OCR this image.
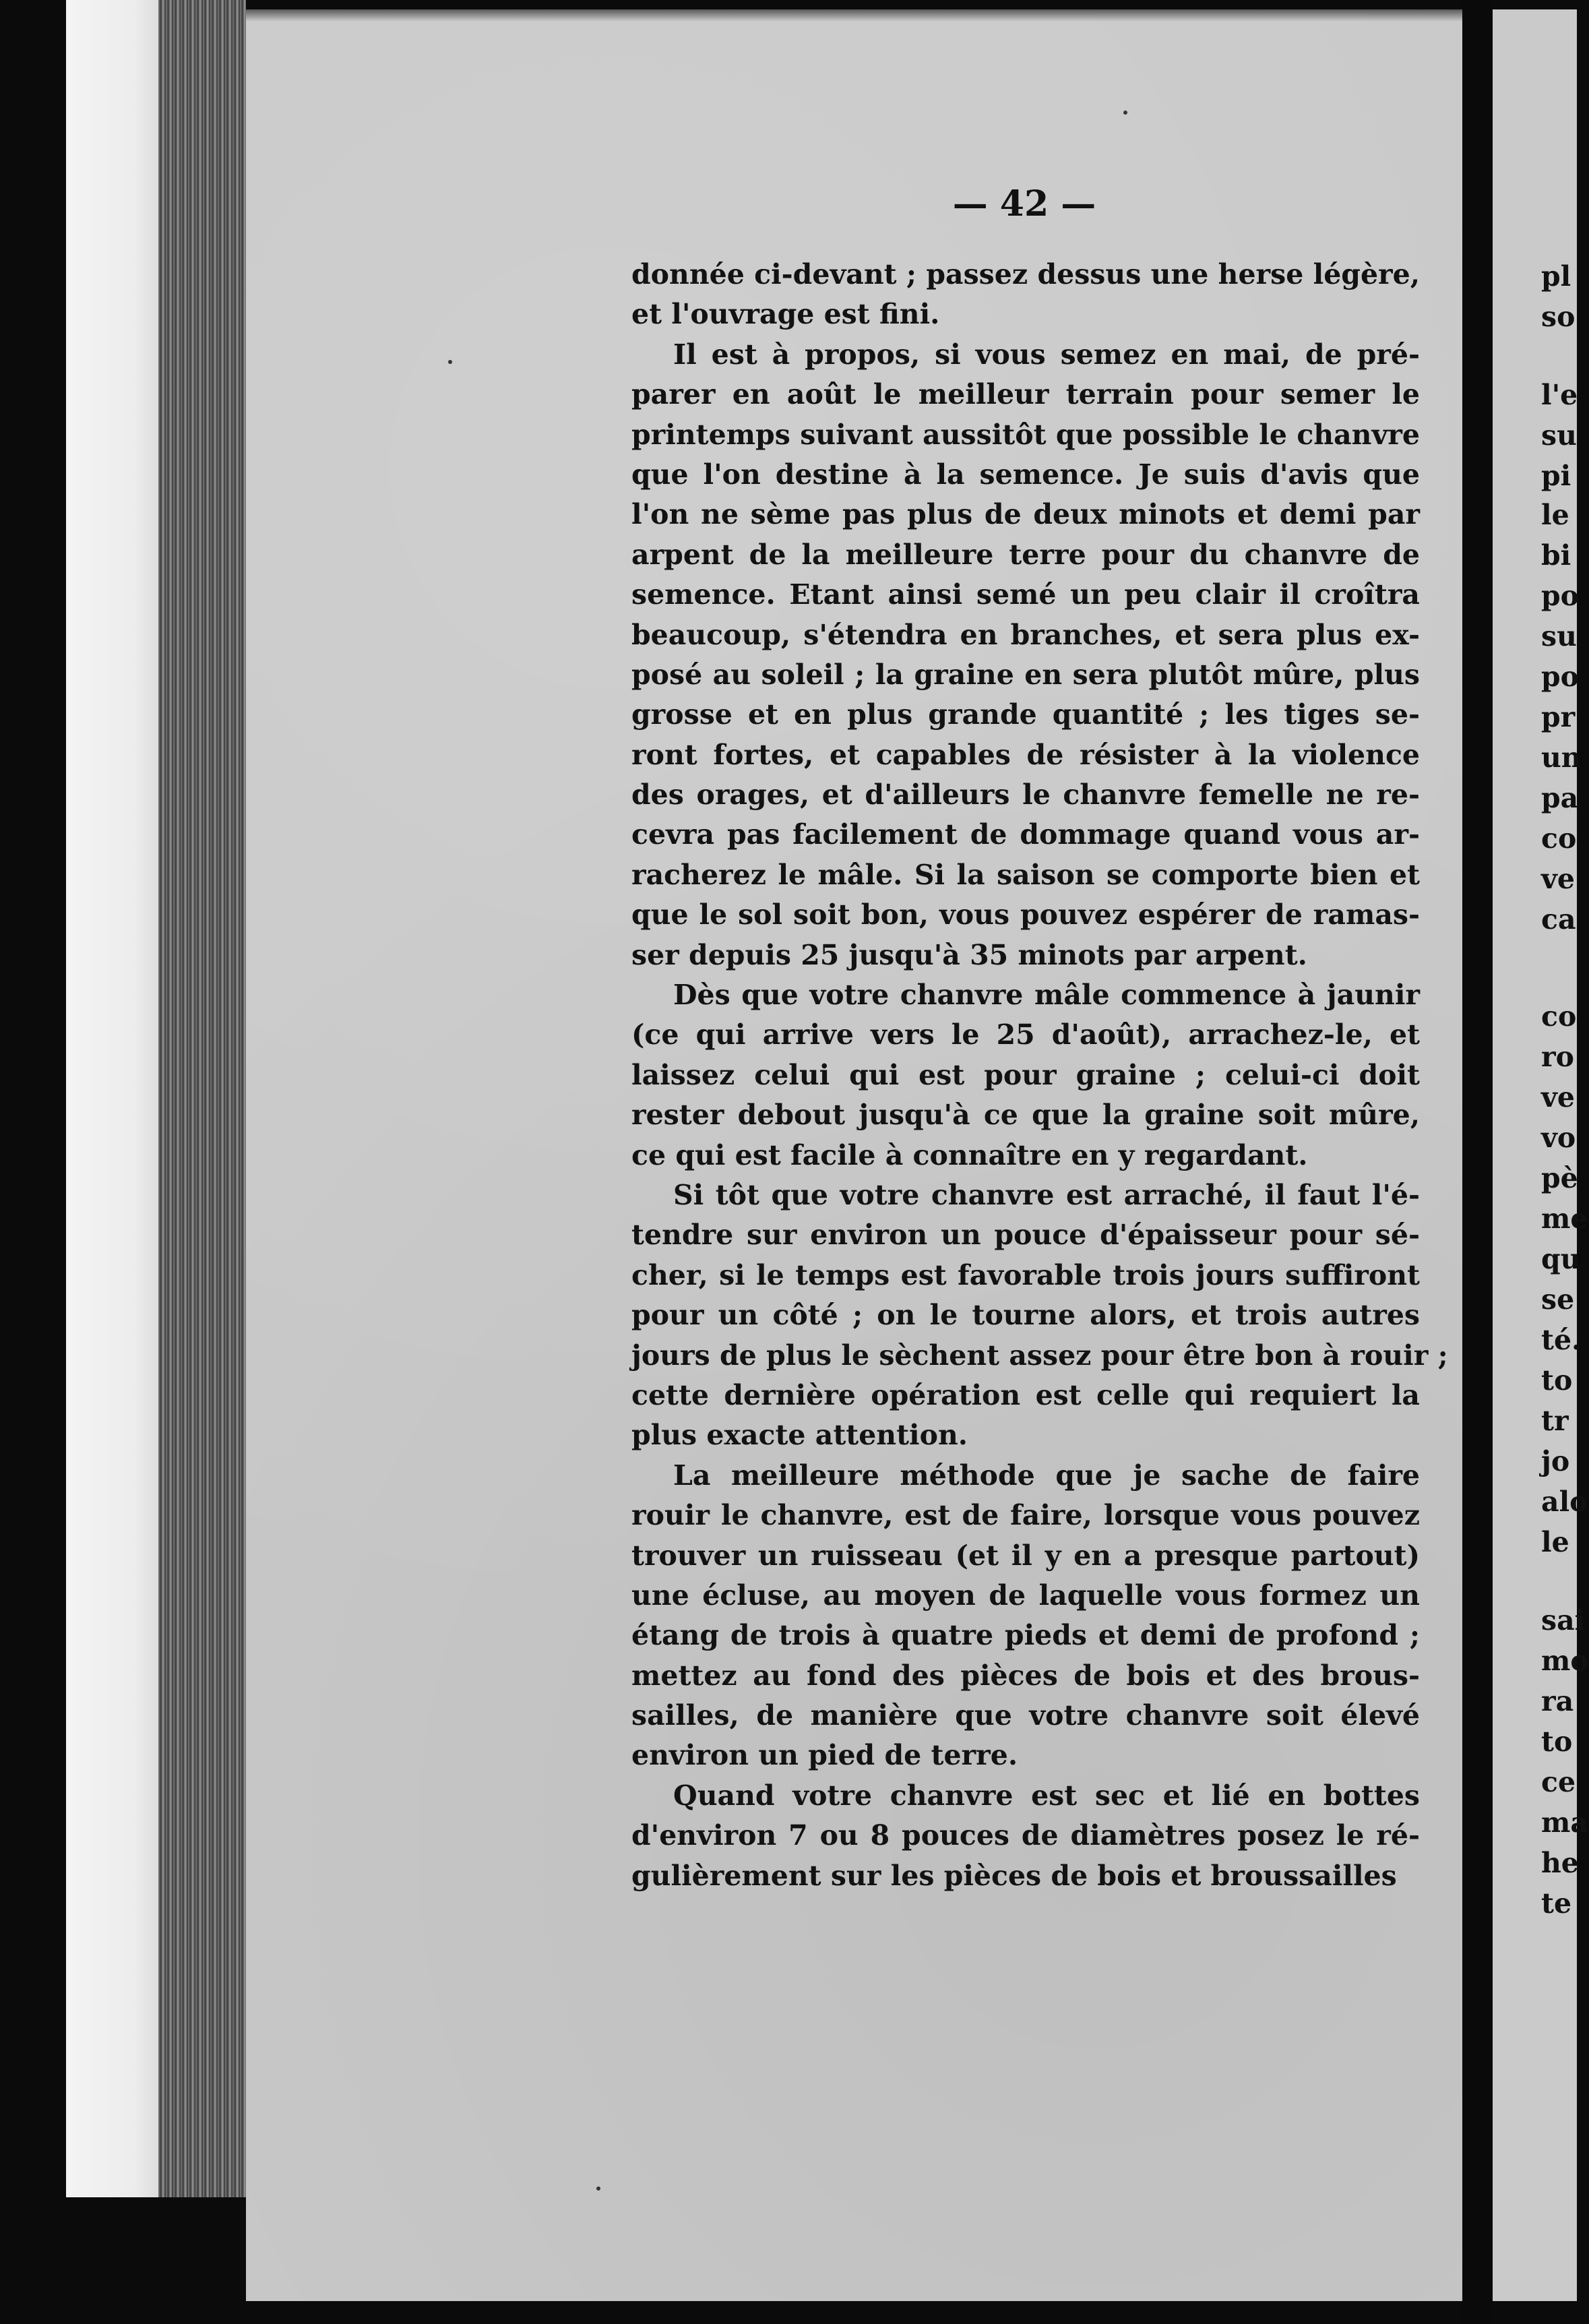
— 42 —
donnée ci-devant ; passez dessus une herse légère,
et l'ouvrage est fini.
Il est à propos, si vous semez en mai, de pré-
parer en août le meilleur terrain pour semer le
printemps suivant aussitôt que possible le chanvre
que l'on destine à la semence. Je suis d'avis que
l'on ne sème pas plus de deux minots et demi par
arpent de la meilleure terre pour du chanvre de
semence. Etant ainsi semé un peu clair il croîtra
beaucoup, s'étendra en branches, et sera plus ex-
posé au soleil ; la graine en sera plutôt mûre, plus
grosse et en plus grande quantité ; les tiges se-
ront fortes, et capables de résister à la violence
des orages, et d'ailleurs le chanvre femelle ne re-
cevra pas facilement de dommage quand vous ar-
racherez le mâle. Si la saison se comporte bien et
que le sol soit bon, vous pouvez espérer de ramas-
ser depuis 25 jusqu'à 35 minots par arpent.
Dès que votre chanvre mâle commence à jaunir
(ce qui arrive vers le 25 d'août), arrachez-le, et
laissez celui qui est pour graine ; celui-ci doit
rester debout jusqu'à ce que la graine soit mûre,
ce qui est facile à connaître en y regardant.
Si tôt que votre chanvre est arraché, il faut l'é-
tendre sur environ un pouce d'épaisseur pour sé-
cher, si le temps est favorable trois jours suffiront
pour un côté ; on le tourne alors, et trois autres
jours de plus le sèchent assez pour être bon à rouir ;
cette dernière opération est celle qui requiert la
plus exacte attention.
La meilleure méthode que je sache de faire
rouir le chanvre, est de faire, lorsque vous pouvez
trouver un ruisseau (et il y en a presque partout)
une écluse, au moyen de laquelle vous formez un
étang de trois à quatre pieds et demi de profond ;
mettez au fond des pièces de bois et des brous-
sailles, de manière que votre chanvre soit élevé
environ un pied de terre.
Quand votre chanvre est sec et lié en bottes
d'environ 7 ou 8 pouces de diamètres posez le ré-
gulièrement sur les pièces de bois et broussailles
pl
so
l'e
su
pi
le
bi
po
su
po
pr
un
pa
co
ve
ca
co
ro
ve
vo
pè
me
qu
se
té.
to
tr
jo
alo
le
sai
mo
ra
to
ce
ma
he
te
